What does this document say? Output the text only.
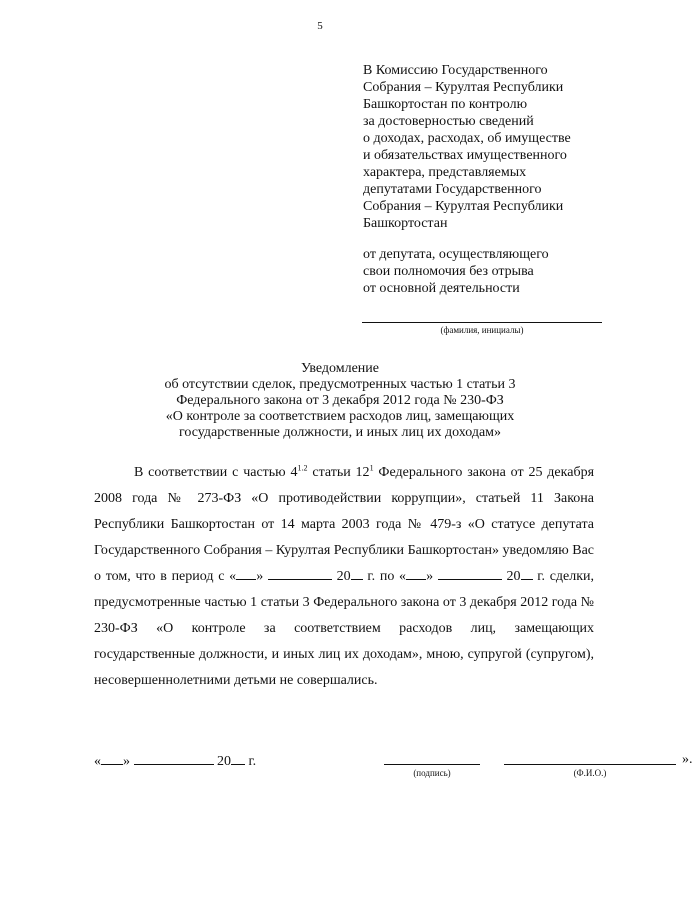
5
В Комиссию Государственного
Собрания – Курултая Республики
Башкортостан по контролю
за достоверностью сведений
о доходах, расходах, об имуществе
и обязательствах имущественного
характера, представляемых
депутатами Государственного
Собрания – Курултая Республики
Башкортостан
от депутата, осуществляющего
свои полномочия без отрыва
от основной деятельности
(фамилия, инициалы)
Уведомление
об отсутствии сделок, предусмотренных частью 1 статьи 3
Федерального закона от 3 декабря 2012 года № 230-ФЗ
«О контроле за соответствием расходов лиц, замещающих
государственные должности, и иных лиц их доходам»

В соответствии с частью $4^{1.2}$ статьи $12^1$ Федерального закона от 25 декабря 2008 года № 273-ФЗ «О противодействии коррупции», статьей 11 Закона Республики Башкортостан от 14 марта 2003 года № 479-з «О статусе депутата Государственного Собрания – Курултая Республики Башкортостан» уведомляю Вас о том, что в период с « »	20 г. по « »	20 г. сделки, предусмотренные частью 1 статьи 3 Федерального закона от 3 декабря 2012 года № 230-ФЗ «О контроле за соответствием расходов лиц, замещающих государственные должности, и иных лиц их доходам», мною, супругой (супругом), несовершеннолетними детьми не совершались.

« »	20 г.	».
(подпись)	(Ф.И.О.)
